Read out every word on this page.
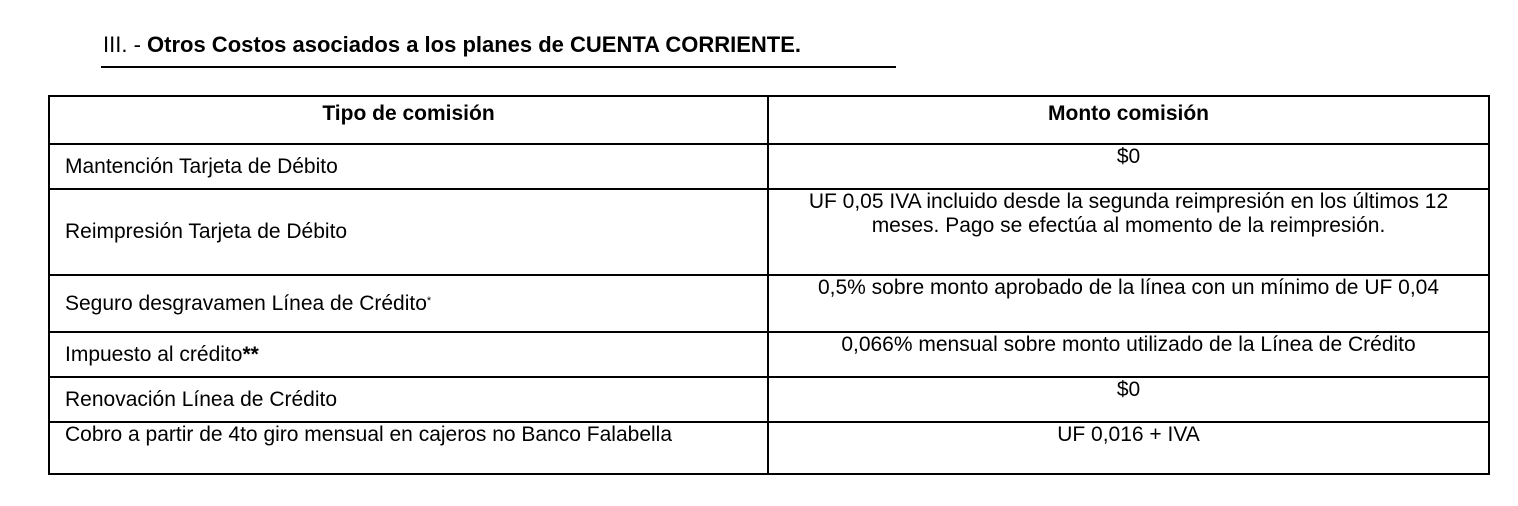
III. - Otros Costos asociados a los planes de CUENTA CORRIENTE.
Tipo de comisión	Monto comisión
Mantención Tarjeta de Débito	$0
Reimpresión Tarjeta de Débito	UF 0,05 IVA incluido desde la segunda reimpresión en los últimos 12 meses. Pago se efectúa al momento de la reimpresión.
Seguro desgravamen Línea de Crédito*	0,5% sobre monto aprobado de la línea con un mínimo de UF 0,04
Impuesto al crédito**	0,066% mensual sobre monto utilizado de la Línea de Crédito
Renovación Línea de Crédito	$0
Cobro a partir de 4to giro mensual en cajeros no Banco Falabella	UF 0,016 + IVA
